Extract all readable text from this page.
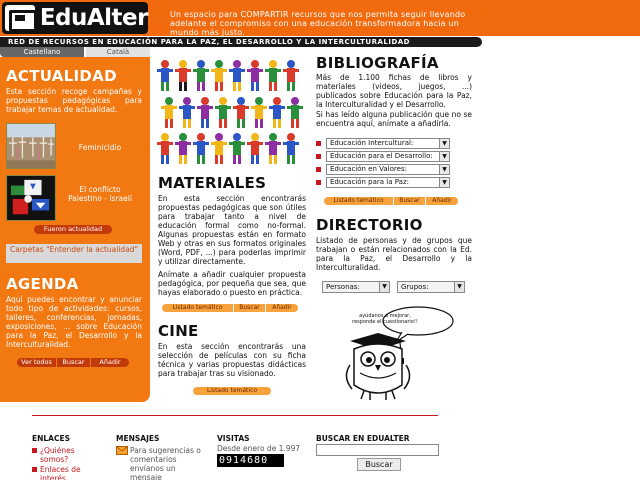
EduAlter	Un espacio para COMPARTIR recursos que nos permita seguir llevando adelante el compromiso con una educación transformadora hacia un mundo más justo.
RED DE RECURSOS EN EDUCACIÓN PARA LA PAZ, EL DESARROLLO Y LA INTERCULTURALIDAD
Castellano	Català
ACTUALIDAD
Esta sección recoge campañas y propuestas pedagógicas para trabajar temas de actualidad.
Feminicidio
El conflicto Palestino - Israelí
Fueron actualidad
Carpetas "Entender la actualidad"
AGENDA
Aquí puedes encontrar y anunciar todo tipo de actividades: cursos, talleres, conferencias, jornadas, exposiciones, ... sobre Educación para la Paz, el Desarrollo y la Interculturalidad.
Ver todos	Buscar	Añadir
MATERIALES
En esta sección encontrarás propuestas pedagógicas que son útiles para trabajar tanto a nivel de educación formal como no-formal. Algunas propuestas están en formato Web y otras en sus formatos originales (Word, PDF, ...) para poderlas imprimir y utilizar directamente.
Anímate a añadir cualquier propuesta pedagógica, por pequeña que sea, que hayas elaborado o puesto en práctica.
Listado temático	Buscar	Añadir
CINE
En esta sección encontrarás una selección de películas con su ficha técnica y varias propuestas didácticas para trabajar tras su visionado.
Listado temático
BIBLIOGRAFÍA
Más de 1.100 fichas de libros y materiales (videos, juegos, ...) publicados sobre Educación para la Paz, la Interculturalidad y el Desarrollo.
Si has leído alguna publicación que no se encuentra aquí, anímate a añadirla.
Educación Intercultural:	▼
Educación para el Desarrollo:	▼
Educación en Valores:	▼
Educación para la Paz:	▼
Listado temático	Buscar	Añadir
DIRECTORIO
Listado de personas y de grupos que trabajan o están relacionados con la Ed. para la Paz, el Desarrollo y la Interculturalidad.
Personas:	▼	Grupos:	▼
ayúdanos a mejorar, responde el cuestionario!!
ENLACES
¿Quiénes somos?
Enlaces de interés
MENSAJES
Para sugerencias o comentarios envíanos un mensaje
VISITAS
Desde enero de 1.997
0914680
BUSCAR EN EDUALTER
Buscar
